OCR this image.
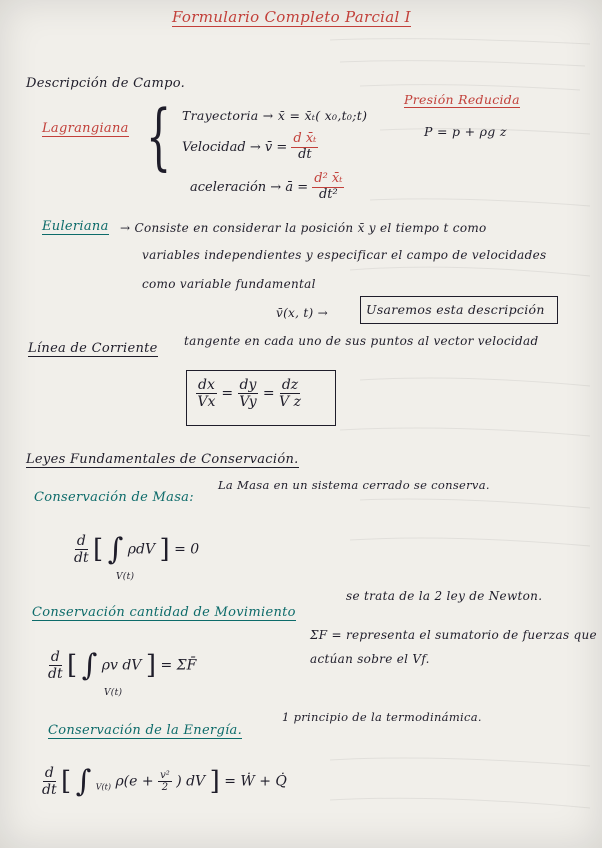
Formulario Completo Parcial I
Descripción de Campo.
Presión Reducida
P = p + ρg z
Lagrangiana { Trayectoria → x̄ = x̄ₜ( x₀,t₀;t)
Velocidad → v̄ = $\frac{\text{d x̄ₜ}}{dt}$
aceleración → ā = $\frac{\text{d² x̄ₜ}}{\text{dt²}}$
Euleriana → Consiste en considerar la posición x̄ y el tiempo t como
variables independientes y especificar el campo de velocidades
como variable fundamental
v̄(x, t) →	Usaremos esta descripción
Línea de Corriente tangente en cada uno de sus puntos al vector velocidad
$\frac{dx}{Vx} = \frac{dy}{Vy} = \frac{dz}{\text{V z}}$
Leyes Fundamentales de Conservación.
Conservación de Masa:
La Masa en un sistema cerrado se conserva.
$\frac{d}{dt}$ [ ∫ ρdV ] = 0
V(t)
Conservación cantidad de Movimiento
se trata de la 2 ley de Newton.
ΣF = representa el sumatorio de fuerzas que
actúan sobre el Vf.
$\frac{d}{dt}$ [ ∫ ρv dV ] = ΣF̄
V(t)
Conservación de la Energía.
1 principio de la termodinámica.
$\frac{d}{dt}$ [ ∫ $_{V(t)}$ $\rho(e + \frac{\text{v²}}{2}$ ) dV ] = Ẇ + Q̇
